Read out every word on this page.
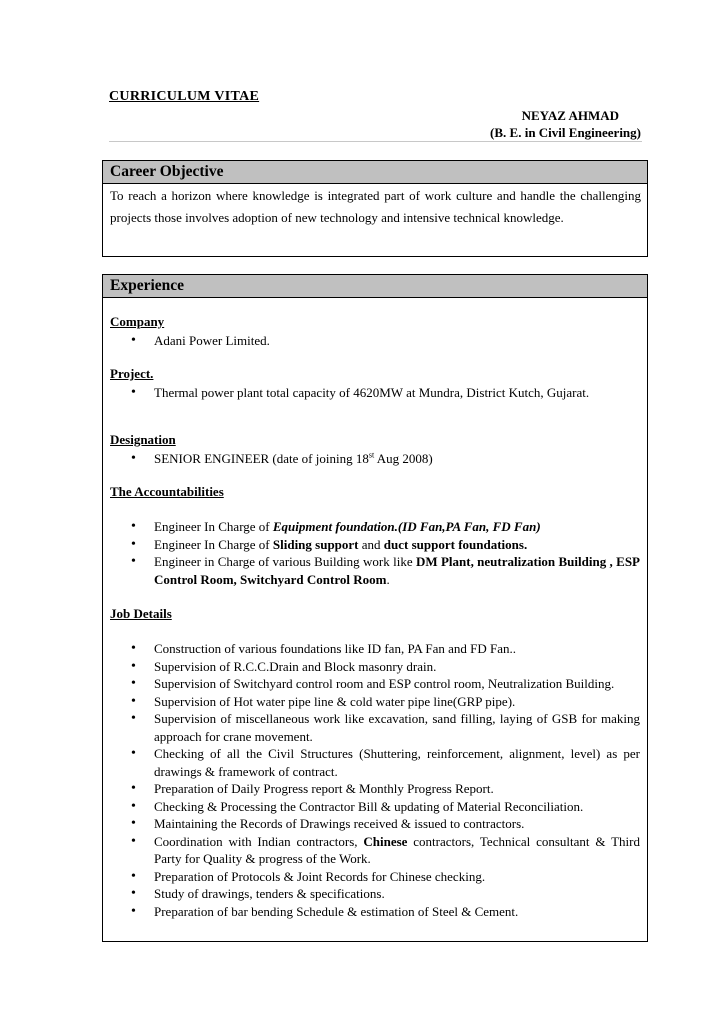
CURRICULUM VITAE
NEYAZ AHMAD
(B. E. in Civil Engineering)
Career Objective
To reach a horizon where knowledge is integrated part of work culture and handle the challenging projects those involves adoption of new technology and intensive technical knowledge.
Experience
Company
• Adani Power Limited.
Project.
• Thermal power plant total capacity of 4620MW at Mundra, District Kutch, Gujarat.
Designation
• SENIOR ENGINEER (date of joining 18st Aug 2008)
The Accountabilities
• Engineer In Charge of Equipment foundation.(ID Fan,PA Fan, FD Fan)
• Engineer In Charge of Sliding support and duct support foundations.
• Engineer in Charge of various Building work like DM Plant, neutralization Building , ESP Control Room, Switchyard Control Room.
Job Details
• Construction of various foundations like ID fan, PA Fan and FD Fan..
• Supervision of R.C.C.Drain and Block masonry drain.
• Supervision of Switchyard control room and ESP control room, Neutralization Building.
• Supervision of Hot water pipe line & cold water pipe line(GRP pipe).
• Supervision of miscellaneous work like excavation, sand filling, laying of GSB for making approach for crane movement.
• Checking of all the Civil Structures (Shuttering, reinforcement, alignment, level) as per drawings & framework of contract.
• Preparation of Daily Progress report & Monthly Progress Report.
• Checking & Processing the Contractor Bill & updating of Material Reconciliation.
• Maintaining the Records of Drawings received & issued to contractors.
• Coordination with Indian contractors, Chinese contractors, Technical consultant & Third Party for Quality & progress of the Work.
• Preparation of Protocols & Joint Records for Chinese checking.
• Study of drawings, tenders & specifications.
• Preparation of bar bending Schedule & estimation of Steel & Cement.
